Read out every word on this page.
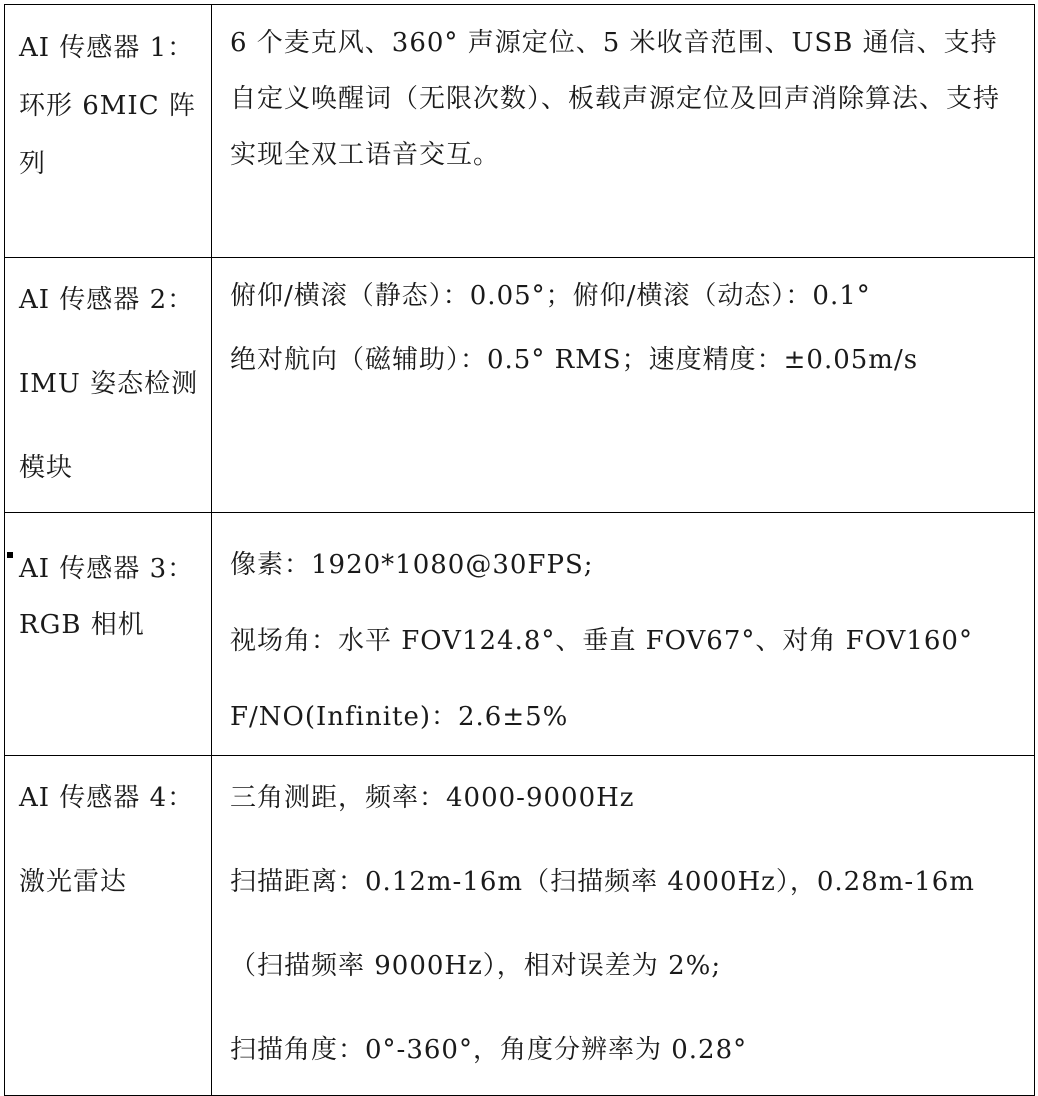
AI 传感器 1：环形 6MIC 阵列	6 个麦克风、360° 声源定位、5 米收音范围、USB 通信、支持自定义唤醒词（无限次数）、板载声源定位及回声消除算法、支持实现全双工语音交互。

AI 传感器 2：IMU 姿态检测模块	俯仰/横滚（静态）：0.05°；俯仰/横滚（动态）：0.1°
绝对航向（磁辅助）：0.5° RMS；速度精度：±0.05m/s

AI 传感器 3：RGB 相机	像素：1920*1080@30FPS;
视场角：水平 FOV124.8°、垂直 FOV67°、对角 FOV160°
F/NO(Infinite)：2.6±5%

AI 传感器 4：激光雷达	三角测距，频率：4000-9000Hz
扫描距离：0.12m-16m（扫描频率 4000Hz），0.28m-16m（扫描频率 9000Hz），相对误差为 2%;
扫描角度：0°-360°，角度分辨率为 0.28°
